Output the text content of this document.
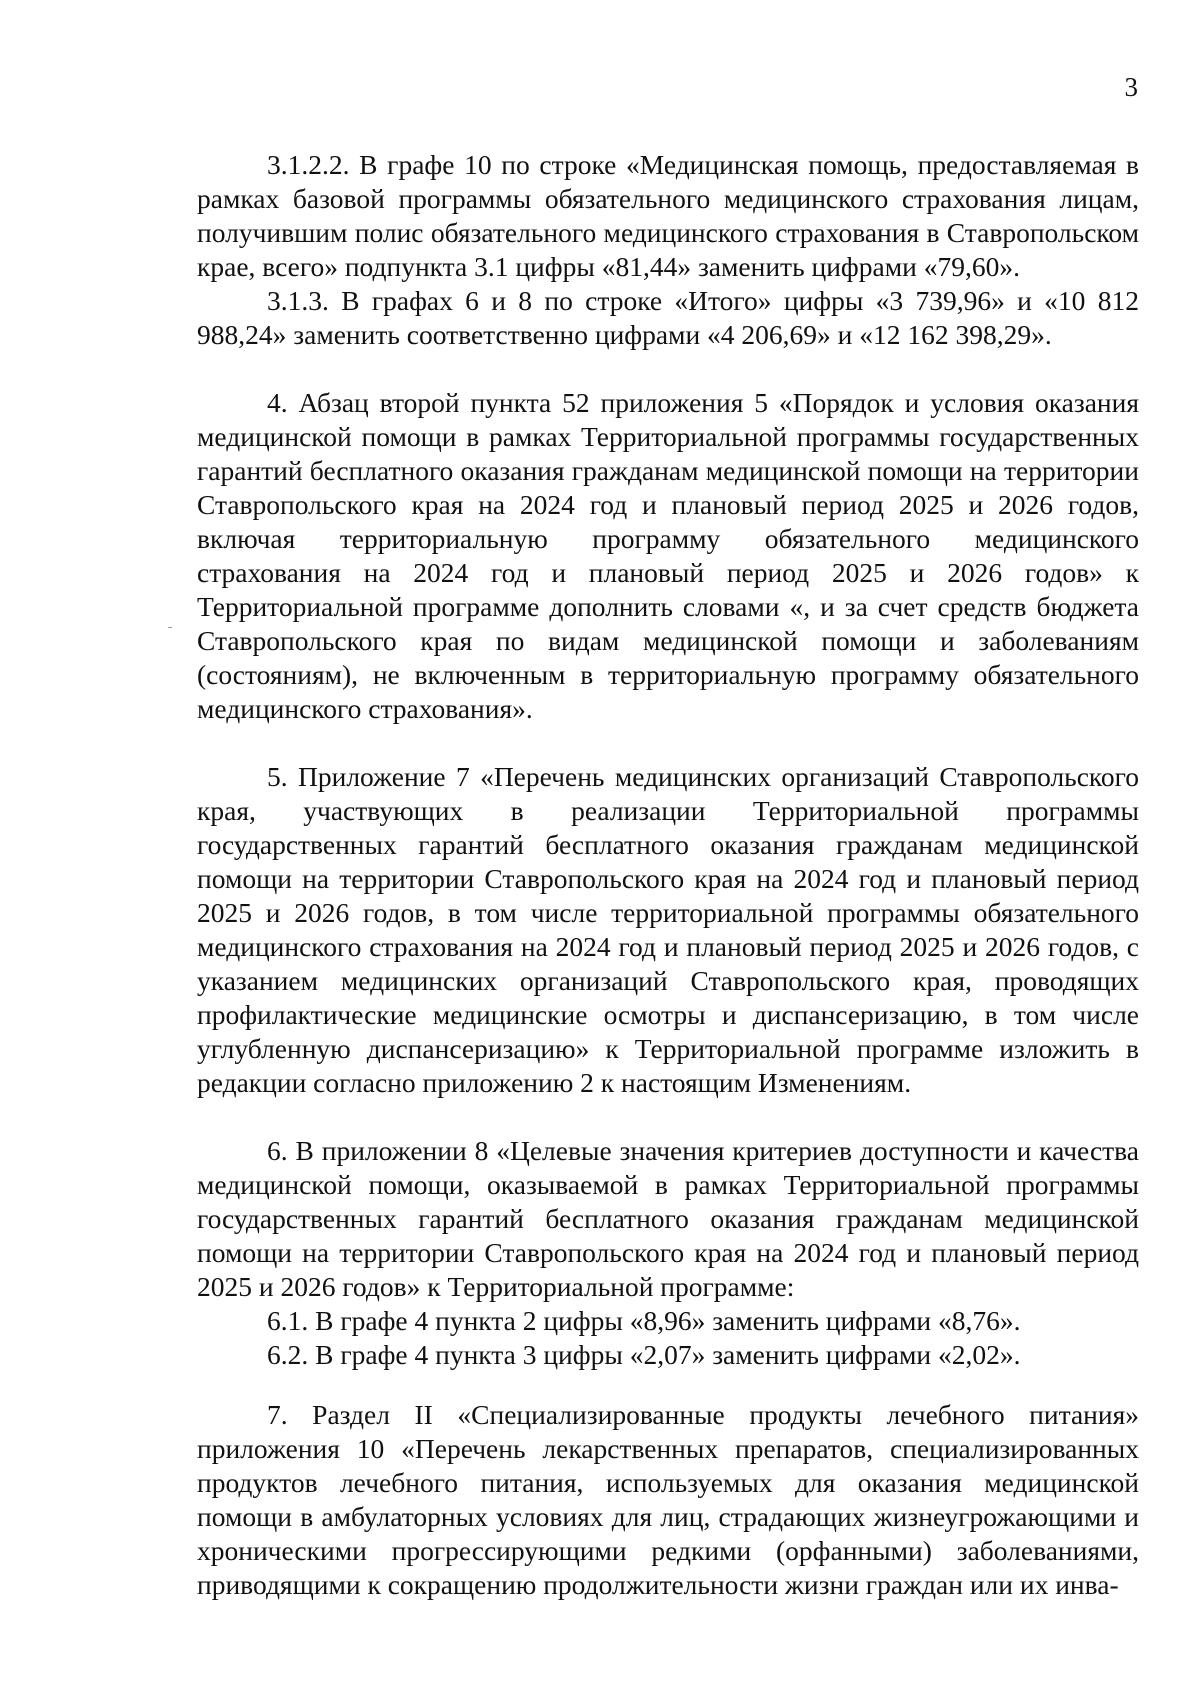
3

3.1.2.2. В графе 10 по строке «Медицинская помощь, предоставляемая в рамках базовой программы обязательного медицинского страхования лицам, получившим полис обязательного медицинского страхования в Ставропольском крае, всего» подпункта 3.1 цифры «81,44» заменить цифрами «79,60».

3.1.3. В графах 6 и 8 по строке «Итого» цифры «3 739,96» и «10 812 988,24» заменить соответственно цифрами «4 206,69» и «12 162 398,29».

4. Абзац второй пункта 52 приложения 5 «Порядок и условия оказания медицинской помощи в рамках Территориальной программы государственных гарантий бесплатного оказания гражданам медицинской помощи на территории Ставропольского края на 2024 год и плановый период 2025 и 2026 годов, включая территориальную программу обязательного медицинского страхования на 2024 год и плановый период 2025 и 2026 годов» к Территориальной программе дополнить словами «, и за счет средств бюджета Ставропольского края по видам медицинской помощи и заболеваниям (состояниям), не включенным в территориальную программу обязательного медицинского страхования».

5. Приложение 7 «Перечень медицинских организаций Ставропольского края, участвующих в реализации Территориальной программы государственных гарантий бесплатного оказания гражданам медицинской помощи на территории Ставропольского края на 2024 год и плановый период 2025 и 2026 годов, в том числе территориальной программы обязательного медицинского страхования на 2024 год и плановый период 2025 и 2026 годов, с указанием медицинских организаций Ставропольского края, проводящих профилактические медицинские осмотры и диспансеризацию, в том числе углубленную диспансеризацию» к Территориальной программе изложить в редакции согласно приложению 2 к настоящим Изменениям.

6. В приложении 8 «Целевые значения критериев доступности и качества медицинской помощи, оказываемой в рамках Территориальной программы государственных гарантий бесплатного оказания гражданам медицинской помощи на территории Ставропольского края на 2024 год и плановый период 2025 и 2026 годов» к Территориальной программе:

6.1. В графе 4 пункта 2 цифры «8,96» заменить цифрами «8,76».

6.2. В графе 4 пункта 3 цифры «2,07» заменить цифрами «2,02».

7. Раздел II «Специализированные продукты лечебного питания» приложения 10 «Перечень лекарственных препаратов, специализированных продуктов лечебного питания, используемых для оказания медицинской помощи в амбулаторных условиях для лиц, страдающих жизнеугрожающими и хроническими прогрессирующими редкими (орфанными) заболеваниями, приводящими к сокращению продолжительности жизни граждан или их инва-
